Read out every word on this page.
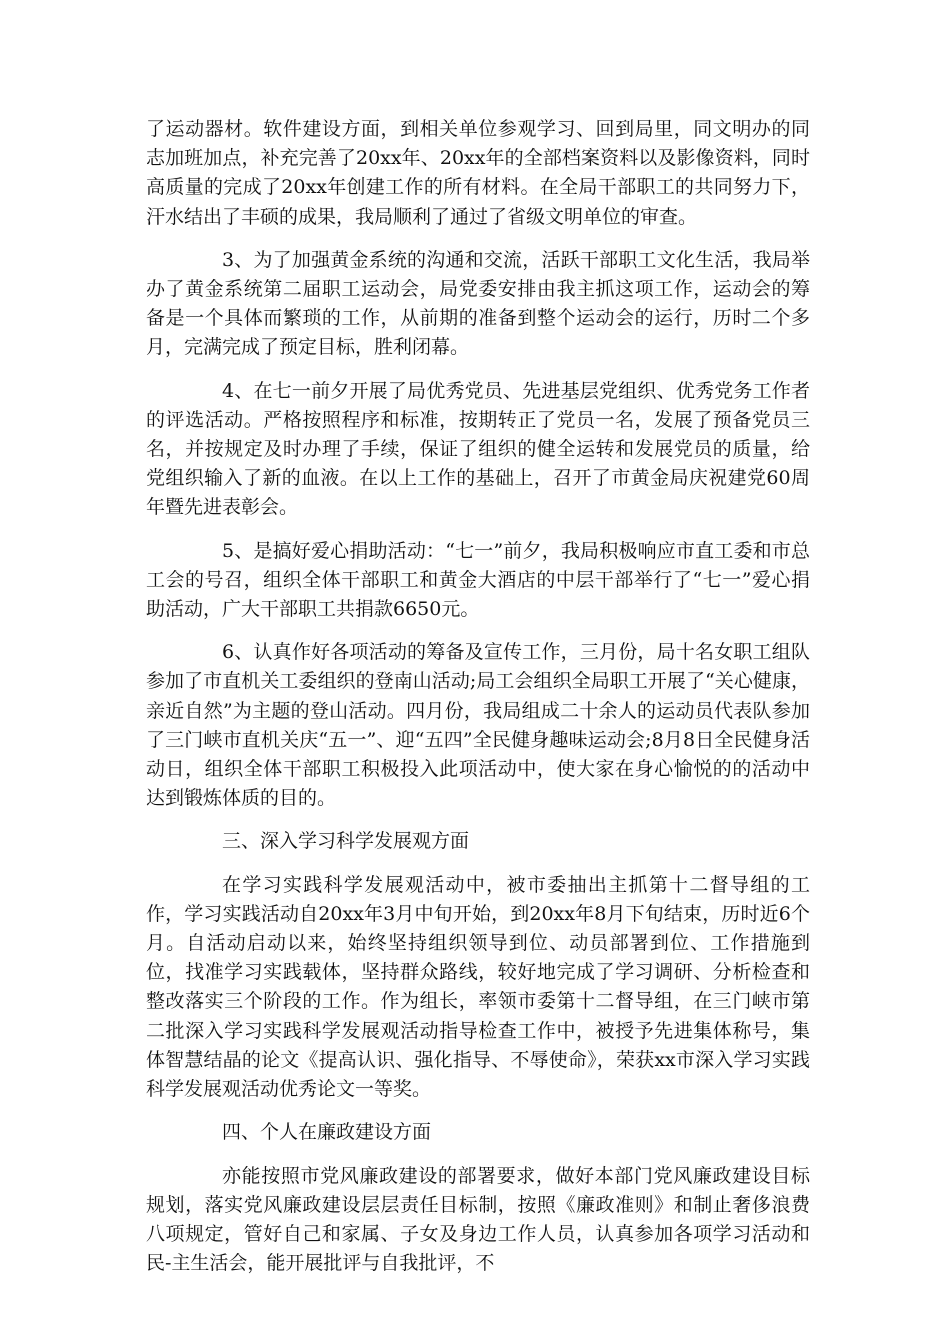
了运动器材。软件建设方面，到相关单位参观学习、回到局里，同文明办的同志加班加点，补充完善了20xx年、20xx年的全部档案资料以及影像资料，同时高质量的完成了20xx年创建工作的所有材料。在全局干部职工的共同努力下，汗水结出了丰硕的成果，我局顺利了通过了省级文明单位的审查。

3、为了加强黄金系统的沟通和交流，活跃干部职工文化生活，我局举办了黄金系统第二届职工运动会，局党委安排由我主抓这项工作，运动会的筹备是一个具体而繁琐的工作，从前期的准备到整个运动会的运行，历时二个多月，完满完成了预定目标，胜利闭幕。

4、在七一前夕开展了局优秀党员、先进基层党组织、优秀党务工作者的评选活动。严格按照程序和标准，按期转正了党员一名，发展了预备党员三名，并按规定及时办理了手续，保证了组织的健全运转和发展党员的质量，给党组织输入了新的血液。在以上工作的基础上，召开了市黄金局庆祝建党60周年暨先进表彰会。

5、是搞好爱心捐助活动：“七一”前夕，我局积极响应市直工委和市总工会的号召，组织全体干部职工和黄金大酒店的中层干部举行了“七一”爱心捐助活动，广大干部职工共捐款6650元。

6、认真作好各项活动的筹备及宣传工作，三月份，局十名女职工组队参加了市直机关工委组织的登南山活动;局工会组织全局职工开展了“关心健康，亲近自然”为主题的登山活动。四月份，我局组成二十余人的运动员代表队参加了三门峡市直机关庆“五一”、迎“五四”全民健身趣味运动会;8月8日全民健身活动日，组织全体干部职工积极投入此项活动中，使大家在身心愉悦的的活动中达到锻炼体质的目的。

三、深入学习科学发展观方面

在学习实践科学发展观活动中，被市委抽出主抓第十二督导组的工作，学习实践活动自20xx年3月中旬开始，到20xx年8月下旬结束，历时近6个月。自活动启动以来，始终坚持组织领导到位、动员部署到位、工作措施到位，找准学习实践载体，坚持群众路线，较好地完成了学习调研、分析检查和整改落实三个阶段的工作。作为组长，率领市委第十二督导组，在三门峡市第二批深入学习实践科学发展观活动指导检查工作中，被授予先进集体称号，集体智慧结晶的论文《提高认识、强化指导、不辱使命》，荣获xx市深入学习实践科学发展观活动优秀论文一等奖。

四、个人在廉政建设方面

亦能按照市党风廉政建设的部署要求，做好本部门党风廉政建设目标规划，落实党风廉政建设层层责任目标制，按照《廉政准则》和制止奢侈浪费八项规定，管好自己和家属、子女及身边工作人员，认真参加各项学习活动和民-主生活会，能开展批评与自我批评，不
